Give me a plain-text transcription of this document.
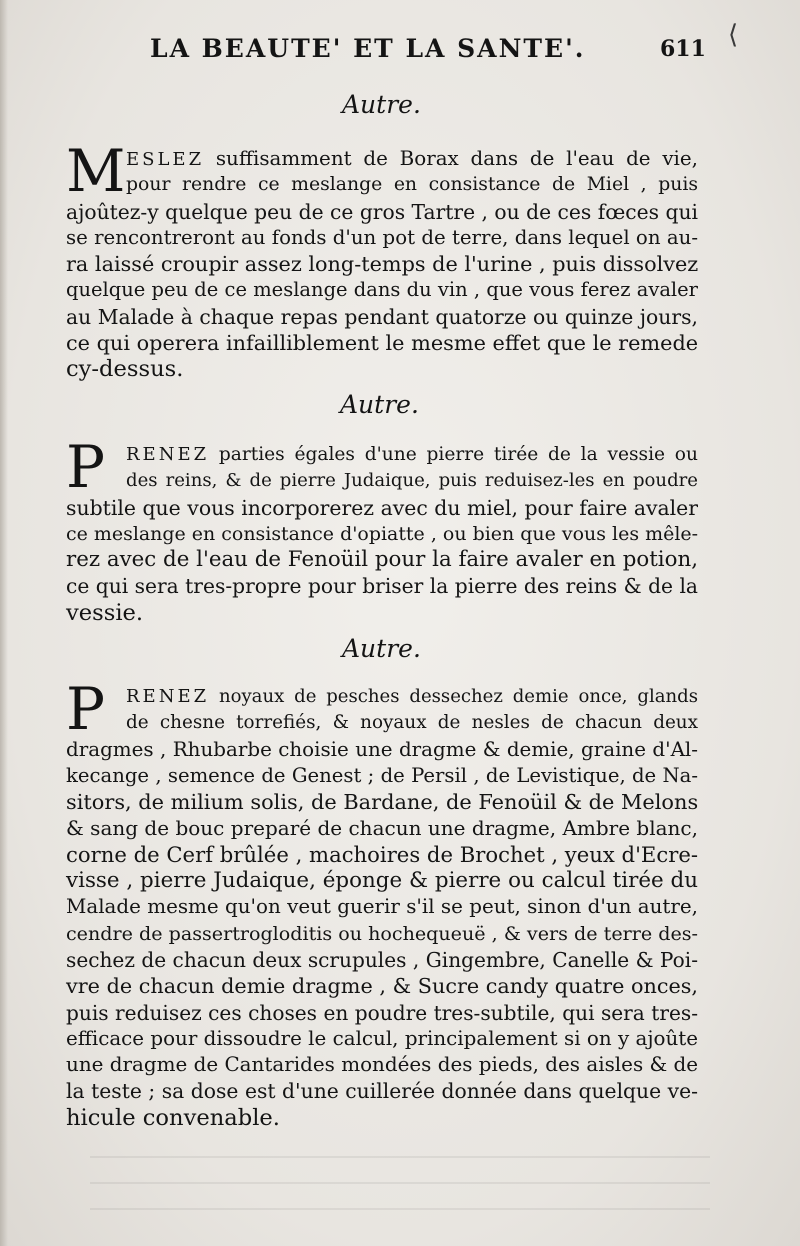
LA BEAUTE' ET LA SANTE'.	611
Autre.
M ESLEZ suffisamment de Borax dans de l'eau de vie,
pour rendre ce meslange en consistance de Miel , puis
ajoûtez-y quelque peu de ce gros Tartre , ou de ces fœces qui
se rencontreront au fonds d'un pot de terre, dans lequel on au-
ra laissé croupir assez long-temps de l'urine , puis dissolvez
quelque peu de ce meslange dans du vin , que vous ferez avaler
au Malade à chaque repas pendant quatorze ou quinze jours,
ce qui operera infailliblement le mesme effet que le remede
cy-dessus.
Autre.
P	RENEZ parties égales d'une pierre tirée de la vessie ou
des reins, & de pierre Judaique, puis reduisez-les en poudre
subtile que vous incorporerez avec du miel, pour faire avaler
ce meslange en consistance d'opiatte , ou bien que vous les mêle-
rez avec de l'eau de Fenoüil pour la faire avaler en potion,
ce qui sera tres-propre pour briser la pierre des reins & de la
vessie.
Autre.
P	RENEZ noyaux de pesches dessechez demie once, glands
de chesne torrefiés, & noyaux de nesles de chacun deux
dragmes , Rhubarbe choisie une dragme & demie, graine d'Al-
kecange , semence de Genest ; de Persil , de Levistique, de Na-
sitors, de milium solis, de Bardane, de Fenoüil & de Melons
& sang de bouc preparé de chacun une dragme, Ambre blanc,
corne de Cerf brûlée , machoires de Brochet , yeux d'Ecre-
visse , pierre Judaique, éponge & pierre ou calcul tirée du
Malade mesme qu'on veut guerir s'il se peut, sinon d'un autre,
cendre de passertrogloditis ou hochequeuë , & vers de terre des-
sechez de chacun deux scrupules , Gingembre, Canelle & Poi-
vre de chacun demie dragme , & Sucre candy quatre onces,
puis reduisez ces choses en poudre tres-subtile, qui sera tres-
efficace pour dissoudre le calcul, principalement si on y ajoûte
une dragme de Cantarides mondées des pieds, des aisles & de
la teste ; sa dose est d'une cuillerée donnée dans quelque ve-
hicule convenable.
⟨
